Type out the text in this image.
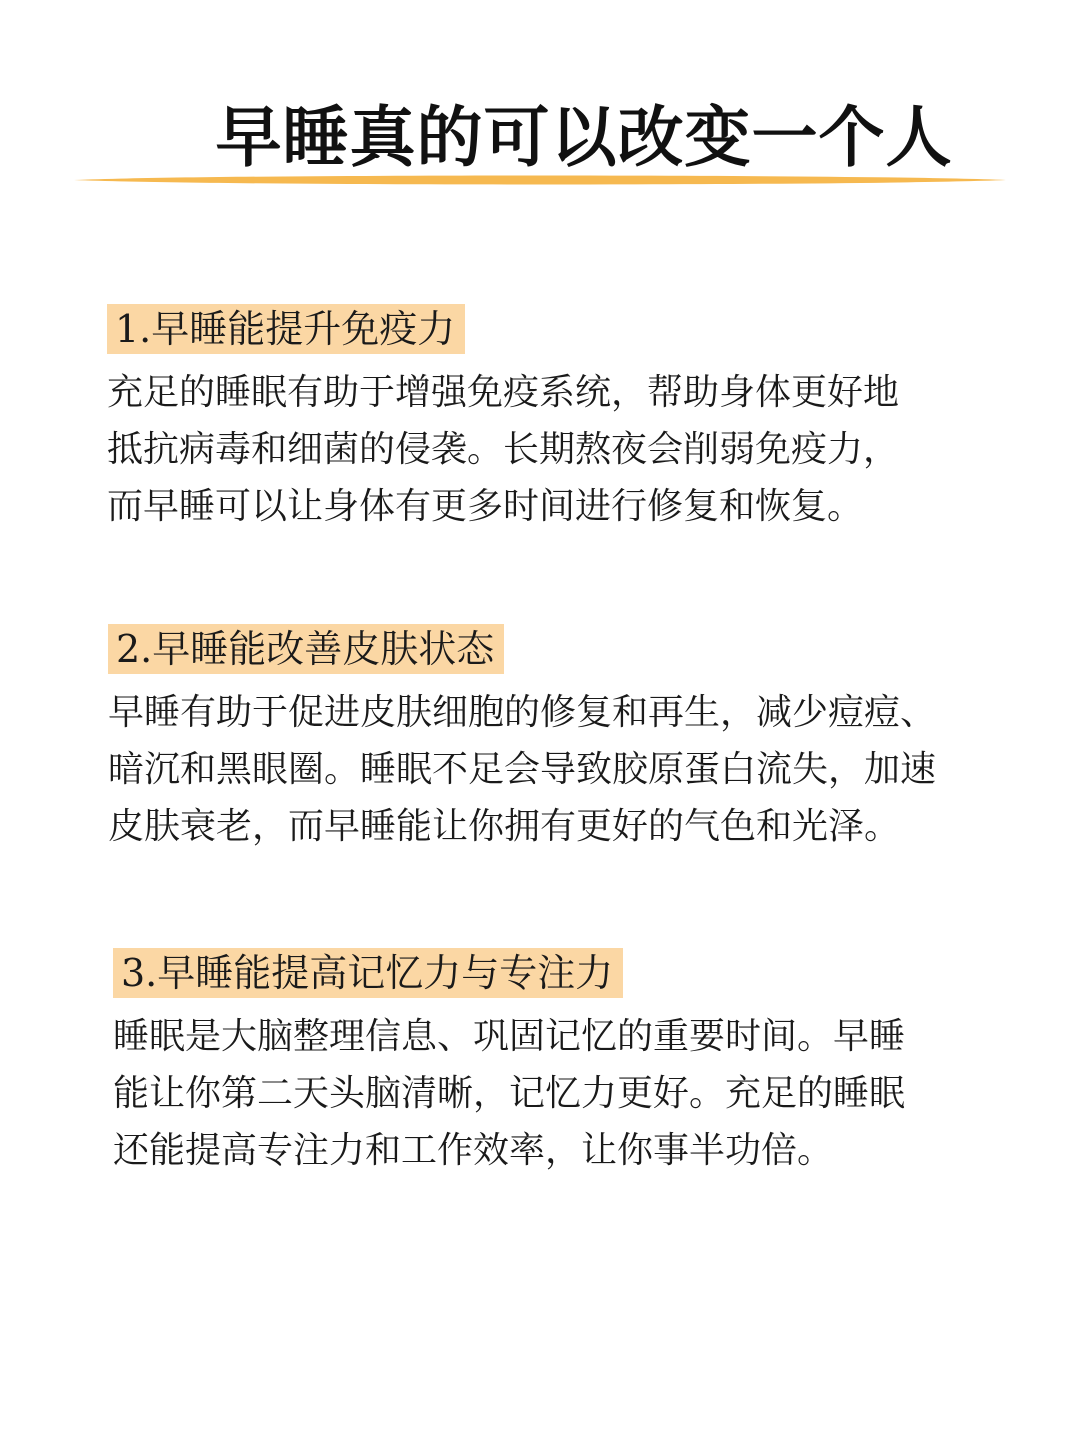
早睡真的可以改变一个人
1.早睡能提升免疫力
充足的睡眠有助于增强免疫系统，帮助身体更好地
抵抗病毒和细菌的侵袭。长期熬夜会削弱免疫力，
而早睡可以让身体有更多时间进行修复和恢复。
2.早睡能改善皮肤状态
早睡有助于促进皮肤细胞的修复和再生，减少痘痘、
暗沉和黑眼圈。睡眠不足会导致胶原蛋白流失，加速
皮肤衰老，而早睡能让你拥有更好的气色和光泽。
3.早睡能提高记忆力与专注力
睡眠是大脑整理信息、巩固记忆的重要时间。早睡
能让你第二天头脑清晰，记忆力更好。充足的睡眠
还能提高专注力和工作效率，让你事半功倍。
